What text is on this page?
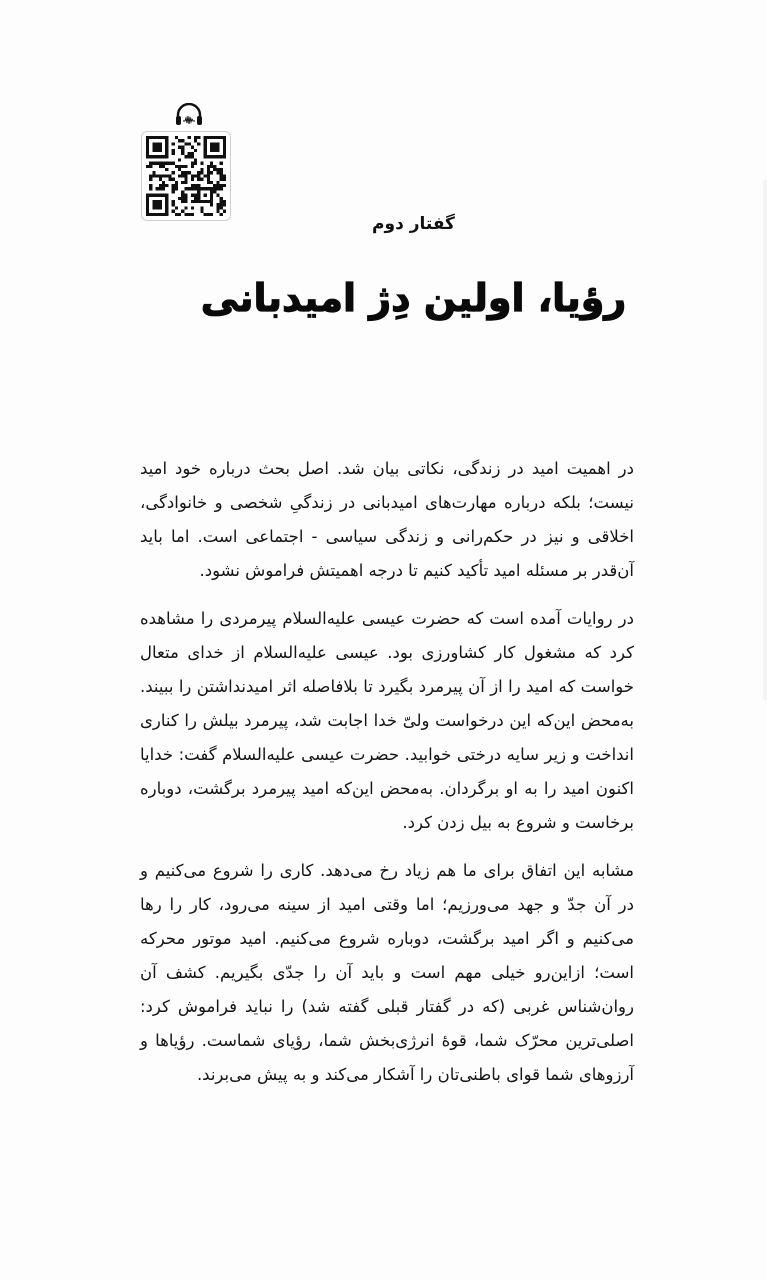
گفتار دوم
رؤیا، اولین دِژ امیدبانی

در اهمیت امید در زندگی، نکاتی بیان شد. اصل بحث درباره خود امید نیست؛ بلکه درباره مهارت‌های امیدبانی در زندگیِ شخصی و خانوادگی، اخلاقی و نیز در حکم‌رانی و زندگی سیاسی - اجتماعی است. اما باید آن‌قدر بر مسئله امید تأکید کنیم تا درجه اهمیتش فراموش نشود.

در روایات آمده است که حضرت عیسی علیه‌السلام پیرمردی را مشاهده کرد که مشغول کار کشاورزی بود. عیسی علیه‌السلام از خدای متعال خواست که امید را از آن پیرمرد بگیرد تا بلافاصله اثر امیدنداشتن را ببیند. به‌محض این‌که این درخواست ولیّ خدا اجابت شد، پیرمرد بیلش را کناری انداخت و زیر سایه درختی خوابید. حضرت عیسی علیه‌السلام گفت: خدایا اکنون امید را به او برگردان. به‌محض این‌که امید پیرمرد برگشت، دوباره برخاست و شروع به بیل زدن کرد.

مشابه این اتفاق برای ما هم زیاد رخ می‌دهد. کاری را شروع می‌کنیم و در آن جدّ و جهد می‌ورزیم؛ اما وقتی امید از سینه می‌رود، کار را رها می‌کنیم و اگر امید برگشت، دوباره شروع می‌کنیم. امید موتور محرکه است؛ ازاین‌رو خیلی مهم است و باید آن را جدّی بگیریم. کشف آن روان‌شناس غربی (که در گفتار قبلی گفته شد) را نباید فراموش کرد: اصلی‌ترین محرّک شما، قوهٔ انرژی‌بخش شما، رؤیای شماست. رؤیاها و آرزوهای شما قوای باطنی‌تان را آشکار می‌کند و به پیش می‌برند.
